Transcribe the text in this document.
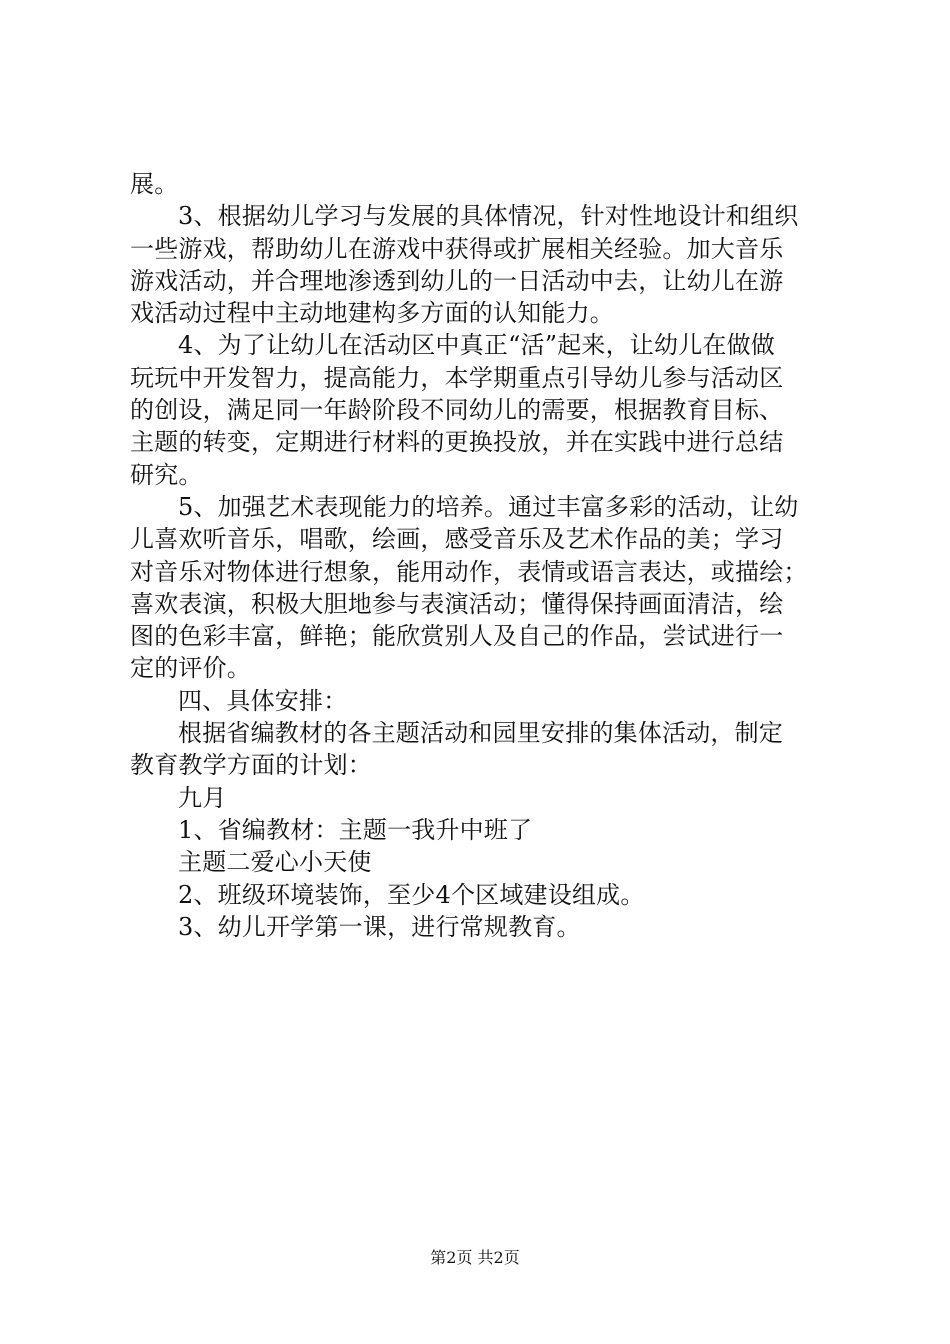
展。
3、根据幼儿学习与发展的具体情况，针对性地设计和组织
一些游戏，帮助幼儿在游戏中获得或扩展相关经验。加大音乐
游戏活动，并合理地渗透到幼儿的一日活动中去，让幼儿在游
戏活动过程中主动地建构多方面的认知能力。
4、为了让幼儿在活动区中真正“活”起来，让幼儿在做做
玩玩中开发智力，提高能力，本学期重点引导幼儿参与活动区
的创设，满足同一年龄阶段不同幼儿的需要，根据教育目标、
主题的转变，定期进行材料的更换投放，并在实践中进行总结
研究。
5、加强艺术表现能力的培养。通过丰富多彩的活动，让幼
儿喜欢听音乐，唱歌，绘画，感受音乐及艺术作品的美；学习
对音乐对物体进行想象，能用动作，表情或语言表达，或描绘；
喜欢表演，积极大胆地参与表演活动；懂得保持画面清洁，绘
图的色彩丰富，鲜艳；能欣赏别人及自己的作品，尝试进行一
定的评价。
四、具体安排：
根据省编教材的各主题活动和园里安排的集体活动，制定
教育教学方面的计划：
九月
1、省编教材：主题一我升中班了
主题二爱心小天使
2、班级环境装饰，至少4个区域建设组成。
3、幼儿开学第一课，进行常规教育。
第2页 共2页
